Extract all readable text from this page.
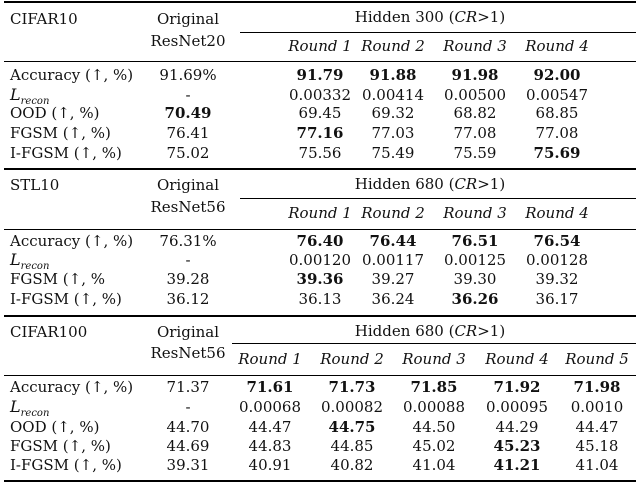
CIFAR10	Original
ResNet20
Hidden 300 (CR>1)
Round 1 Round 2 Round 3 Round 4
Accuracy (↑, %) 91.69%	91.79 91.88 91.98 92.00
$L_{recon}$	-	0.00332 0.00414 0.00500 0.00547
OOD (↑, %)	70.49	69.45 69.32	68.82	68.85
FGSM (↑, %)	76.41	77.16 77.03	77.08	77.08
I-FGSM (↑, %)	75.02	75.56 75.49	75.59 75.69
STL10	Original
ResNet56
Hidden 680 (CR>1)
Round 1 Round 2 Round 3 Round 4
Accuracy (↑, %) 76.31%	76.40 76.44 76.51 76.54
$L_{recon}$	-	0.00120 0.00117 0.00125 0.00128
FGSM (↑, %	39.28	39.36 39.27	39.30	39.32
I-FGSM (↑, %)	36.12	36.13 36.24 36.26 36.17
CIFAR100	Original
ResNet56
Hidden 680 (CR>1)
Round 1 Round 2 Round 3 Round 4 Round 5
Accuracy (↑, %) 71.37 71.61 71.73 71.85 71.92 71.98
$L_{recon}$	-	0.00068 0.00082 0.00088 0.00095 0.0010
OOD (↑, %)	44.70	44.47 44.75 44.50	44.29 44.47
FGSM (↑, %)	44.69	44.83	44.85	45.02	45.23 45.18
I-FGSM (↑, %)	39.31	40.91	40.82	41.04	41.21 41.04
